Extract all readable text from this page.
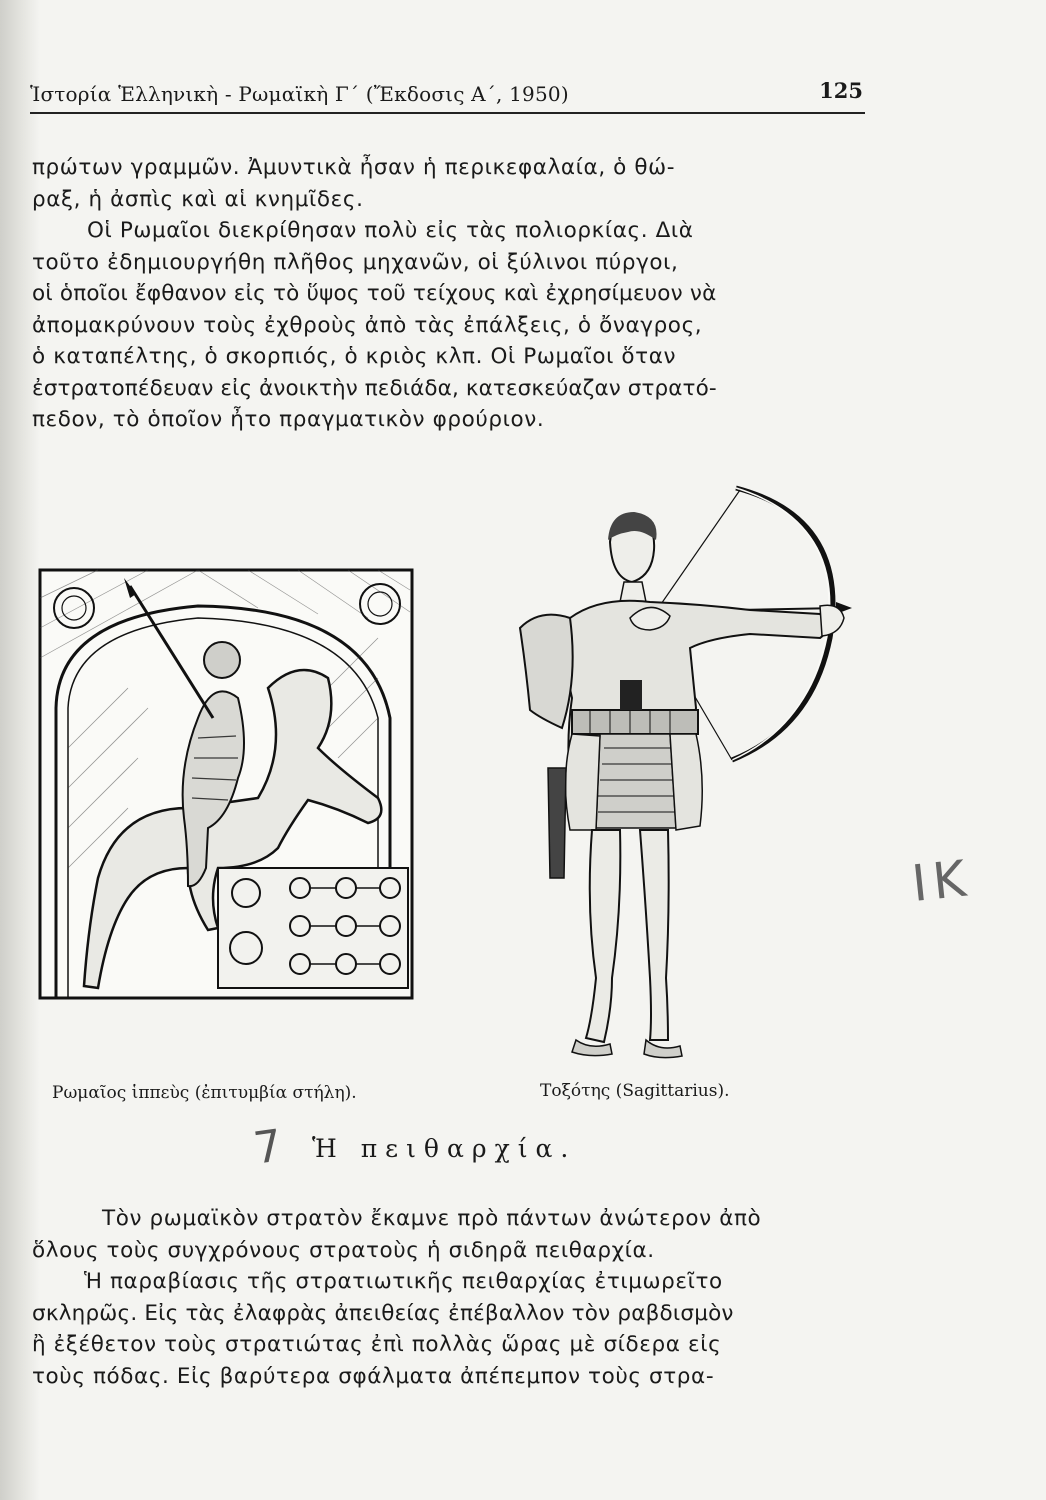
Ἱστορία Ἑλληνικὴ - Ρωμαϊκὴ Γ΄ (Ἔκδοσις Α΄, 1950)	125
πρώτων γραμμῶν. Ἀμυντικὰ ἦσαν ἡ περικεφαλαία, ὁ θώ-
ραξ, ἡ ἀσπὶς καὶ αἱ κνημῖδες.
Οἱ Ρωμαῖοι διεκρίθησαν πολὺ εἰς τὰς πολιορκίας. Διὰ
τοῦτο ἐδημιουργήθη πλῆθος μηχανῶν, οἱ ξύλινοι πύργοι,
οἱ ὁποῖοι ἔφθανον εἰς τὸ ὕψος τοῦ τείχους καὶ ἐχρησίμευον νὰ
ἀπομακρύνουν τοὺς ἐχθροὺς ἀπὸ τὰς ἐπάλξεις, ὁ ὄναγρος,
ὁ καταπέλτης, ὁ σκορπιός, ὁ κριὸς κλπ. Οἱ Ρωμαῖοι ὅταν
ἐστρατοπέδευαν εἰς ἀνοικτὴν πεδιάδα, κατεσκεύαζαν στρατό-
πεδον, τὸ ὁποῖον ἦτο πραγματικὸν φρούριον.
Ρωμαῖος ἱππεὺς (ἐπιτυμβία στήλη).	Τοξότης (Sagittarius).
IK
7 Ἡ πειθαρχία.
Τὸν ρωμαϊκὸν στρατὸν ἔκαμνε πρὸ πάντων ἀνώτερον ἀπὸ
ὅλους τοὺς συγχρόνους στρατοὺς ἡ σιδηρᾶ πειθαρχία.
Ἡ παραβίασις τῆς στρατιωτικῆς πειθαρχίας ἐτιμωρεῖτο
σκληρῶς. Εἰς τὰς ἐλαφρὰς ἀπειθείας ἐπέβαλλον τὸν ραβδισμὸν
ἢ ἐξέθετον τοὺς στρατιώτας ἐπὶ πολλὰς ὥρας μὲ σίδερα εἰς
τοὺς πόδας. Εἰς βαρύτερα σφάλματα ἀπέπεμπον τοὺς στρα-
